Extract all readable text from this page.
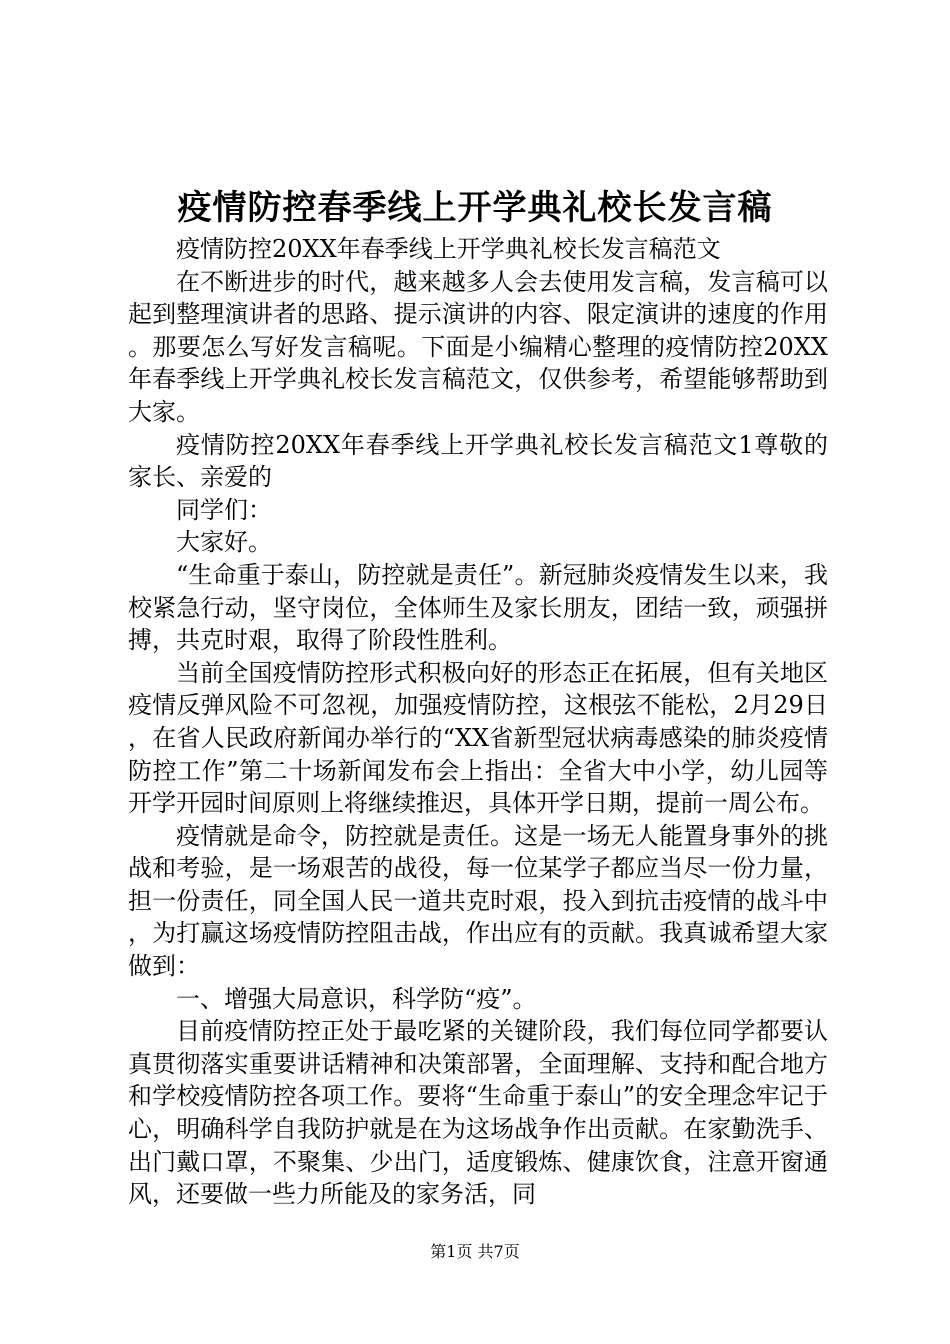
疫情防控春季线上开学典礼校长发言稿

疫情防控20XX年春季线上开学典礼校长发言稿范文

在不断进步的时代，越来越多人会去使用发言稿，发言稿可以起到整理演讲者的思路、提示演讲的内容、限定演讲的速度的作用。那要怎么写好发言稿呢。下面是小编精心整理的疫情防控20XX年春季线上开学典礼校长发言稿范文，仅供参考，希望能够帮助到大家。

疫情防控20XX年春季线上开学典礼校长发言稿范文1尊敬的家长、亲爱的

同学们：

大家好。

“生命重于泰山，防控就是责任”。新冠肺炎疫情发生以来，我校紧急行动，坚守岗位，全体师生及家长朋友，团结一致，顽强拼搏，共克时艰，取得了阶段性胜利。

当前全国疫情防控形式积极向好的形态正在拓展，但有关地区疫情反弹风险不可忽视，加强疫情防控，这根弦不能松，2月29日，在省人民政府新闻办举行的“XX省新型冠状病毒感染的肺炎疫情防控工作”第二十场新闻发布会上指出：全省大中小学，幼儿园等开学开园时间原则上将继续推迟，具体开学日期，提前一周公布。

疫情就是命令，防控就是责任。这是一场无人能置身事外的挑战和考验，是一场艰苦的战役，每一位某学子都应当尽一份力量，担一份责任，同全国人民一道共克时艰，投入到抗击疫情的战斗中，为打赢这场疫情防控阻击战，作出应有的贡献。我真诚希望大家做到：

一、增强大局意识，科学防“疫”。

目前疫情防控正处于最吃紧的关键阶段，我们每位同学都要认真贯彻落实重要讲话精神和决策部署，全面理解、支持和配合地方和学校疫情防控各项工作。要将“生命重于泰山”的安全理念牢记于心，明确科学自我防护就是在为这场战争作出贡献。在家勤洗手、出门戴口罩，不聚集、少出门，适度锻炼、健康饮食，注意开窗通风，还要做一些力所能及的家务活，同

第1页 共7页
